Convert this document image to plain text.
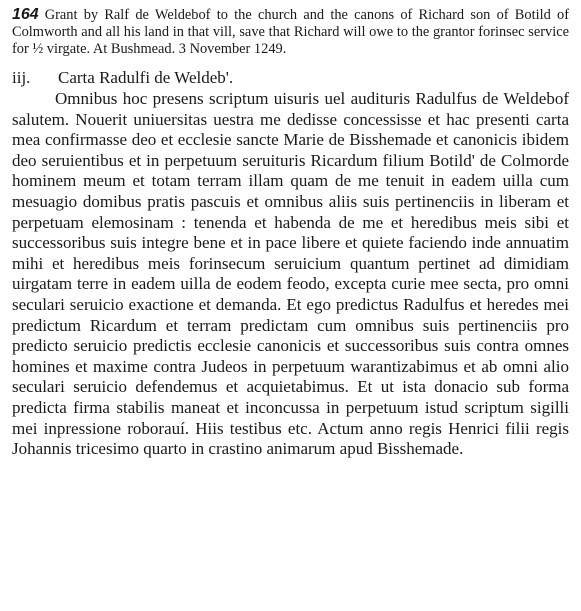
164 Grant by Ralf de Weldebof to the church and the canons of Richard son of Botild of Colmworth and all his land in that vill, save that Richard will owe to the grantor forinsec service for ½ virgate. At Bushmead. 3 November 1249.

iij. Carta Radulfi de Weldeb'.

Omnibus hoc presens scriptum uisuris uel audituris Radulfus de Weldebof salutem. Nouerit uniuersitas uestra me dedisse concessisse et hac presenti carta mea confirmasse deo et ecclesie sancte Marie de Bisshemade et canonicis ibidem deo seruientibus et in perpetuum seruituris Ricardum filium Botild' de Colmorde hominem meum et totam terram illam quam de me tenuit in eadem uilla cum mesuagio domibus pratis pascuis et omnibus aliis suis pertinenciis in liberam et perpetuam elemosinam : tenenda et habenda de me et heredibus meis sibi et successoribus suis integre bene et in pace libere et quiete faciendo inde annuatim mihi et heredibus meis forinsecum seruicium quantum pertinet ad dimidiam uirgatam terre in eadem uilla de eodem feodo, excepta curie mee secta, pro omni seculari seruicio exactione et demanda. Et ego predictus Radulfus et heredes mei predictum Ricardum et terram predictam cum omnibus suis pertinenciis pro predicto seruicio predictis ecclesie canonicis et successoribus suis contra omnes homines et maxime contra Judeos in perpetuum warantizabimus et ab omni alio seculari seruicio defendemus et acquietabimus. Et ut ista donacio sub forma predicta firma stabilis maneat et inconcussa in perpetuum istud scriptum sigilli mei inpressione roborauí. Hiis testibus etc. Actum anno regis Henrici filii regis Johannis tricesimo quarto in crastino animarum apud Bisshemade.
